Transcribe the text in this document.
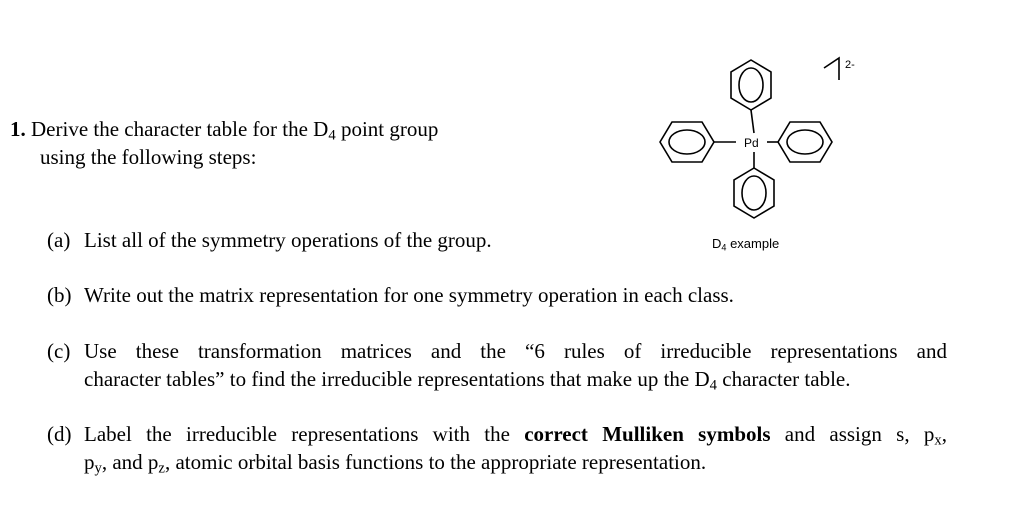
1. Derive the character table for the $D_4$ point group
using the following steps:
(a) List all of the symmetry operations of the group.
(b) Write out the matrix representation for one symmetry operation in each class.
(c) Use these transformation matrices and the “6 rules of irreducible representations and
character tables” to find the irreducible representations that make up the $D_4$ character table.
(d) Label the irreducible representations with the correct Mulliken symbols and assign s, $p_x$,
$p_y$, and $p_z$, atomic orbital basis functions to the appropriate representation.
Pd
2-
$D_4$ example
